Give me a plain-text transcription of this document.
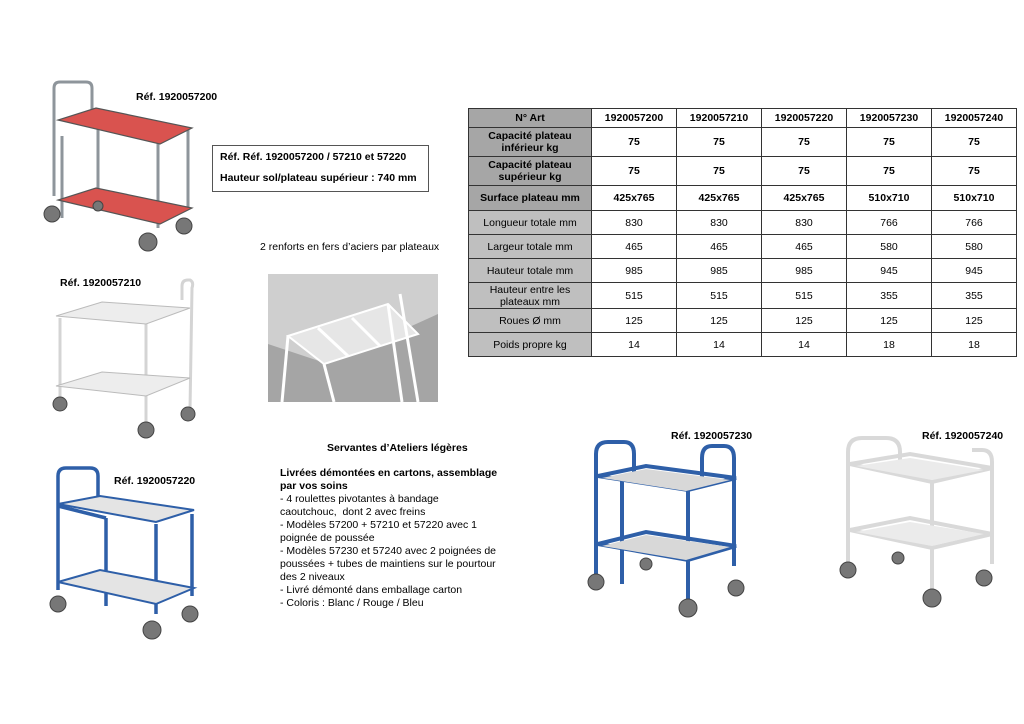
Réf. 1920057200
Réf. Réf. 1920057200 / 57210 et 57220
Hauteur sol/plateau supérieur : 740 mm
2 renforts en fers d’aciers par plateaux
Réf. 1920057210
Réf. 1920057220
Servantes d’Ateliers légères
Livrées démontées en cartons, assemblage par vos soins
- 4 roulettes pivotantes à bandage caoutchouc,  dont 2 avec freins
- Modèles 57200 + 57210 et 57220 avec 1 poignée de poussée
- Modèles 57230 et 57240 avec 2 poignées de poussées + tubes de maintiens sur le pourtour des 2 niveaux
- Livré démonté dans emballage carton
- Coloris : Blanc / Rouge / Bleu
Réf. 1920057230	Réf. 1920057240
N° Art	1920057200	1920057210	1920057220	1920057230	1920057240
Capacité plateau inférieur kg	75	75	75	75	75
Capacité plateau supérieur kg	75	75	75	75	75
Surface plateau mm	425x765	425x765	425x765	510x710	510x710
Longueur totale mm	830	830	830	766	766
Largeur totale mm	465	465	465	580	580
Hauteur totale mm	985	985	985	945	945
Hauteur entre les plateaux mm	515	515	515	355	355
Roues Ø mm	125	125	125	125	125
Poids propre kg	14	14	14	18	18
